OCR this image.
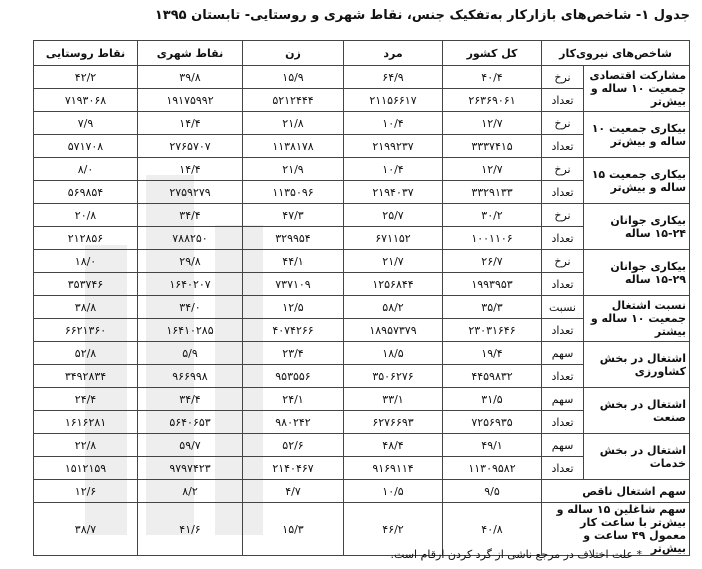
جدول ۱- شاخص‌های بازارکار به‌تفکیک جنس، نقاط شهری و روستایی- تابستان ۱۳۹۵
شاخص‌های نیروی‌کار		کل کشور	مرد	زن	نقاط شهری	نقاط روستایی
مشارکت اقتصادی جمعیت ۱۰ ساله و بیش‌تر	نرخ	۴۰/۴	۶۴/۹	۱۵/۹	۳۹/۸	۴۲/۲
	تعداد	۲۶۳۶۹۰۶۱	۲۱۱۵۶۶۱۷	۵۲۱۲۴۴۴	۱۹۱۷۵۹۹۲	۷۱۹۳۰۶۸
بیکاری جمعیت ۱۰ ساله و بیش‌تر	نرخ	۱۲/۷	۱۰/۴	۲۱/۸	۱۴/۴	۷/۹
	تعداد	۳۳۳۷۴۱۵	۲۱۹۹۲۳۷	۱۱۳۸۱۷۸	۲۷۶۵۷۰۷	۵۷۱۷۰۸
بیکاری جمعیت ۱۵ ساله و بیش‌تر	نرخ	۱۲/۷	۱۰/۴	۲۱/۹	۱۴/۴	۸/۰
	تعداد	۳۳۲۹۱۳۳	۲۱۹۴۰۳۷	۱۱۳۵۰۹۶	۲۷۵۹۲۷۹	۵۶۹۸۵۴
بیکاری جوانان ۲۴-۱۵ ساله	نرخ	۳۰/۲	۲۵/۷	۴۷/۳	۳۴/۴	۲۰/۸
	تعداد	۱۰۰۱۱۰۶	۶۷۱۱۵۲	۳۲۹۹۵۴	۷۸۸۲۵۰	۲۱۲۸۵۶
بیکاری جوانان ۲۹-۱۵ ساله	نرخ	۲۶/۷	۲۱/۷	۴۴/۱	۲۹/۸	۱۸/۰
	تعداد	۱۹۹۳۹۵۳	۱۲۵۶۸۴۴	۷۳۷۱۰۹	۱۶۴۰۲۰۷	۳۵۳۷۴۶
نسبت اشتغال جمعیت ۱۰ ساله و بیشتر	نسبت	۳۵/۳	۵۸/۲	۱۲/۵	۳۴/۰	۳۸/۸
	تعداد	۲۳۰۳۱۶۴۶	۱۸۹۵۷۳۷۹	۴۰۷۴۲۶۶	۱۶۴۱۰۲۸۵	۶۶۲۱۳۶۰
اشتغال در بخش کشاورزی	سهم	۱۹/۴	۱۸/۵	۲۳/۴	۵/۹	۵۲/۸
	تعداد	۴۴۵۹۸۳۲	۳۵۰۶۲۷۶	۹۵۳۵۵۶	۹۶۶۹۹۸	۳۴۹۲۸۳۴
اشتغال در بخش صنعت	سهم	۳۱/۵	۳۳/۱	۲۴/۱	۳۴/۴	۲۴/۴
	تعداد	۷۲۵۶۹۳۵	۶۲۷۶۶۹۳	۹۸۰۲۴۲	۵۶۴۰۶۵۳	۱۶۱۶۲۸۱
اشتغال در بخش خدمات	سهم	۴۹/۱	۴۸/۴	۵۲/۶	۵۹/۷	۲۲/۸
	تعداد	۱۱۳۰۹۵۸۲	۹۱۶۹۱۱۴	۲۱۴۰۴۶۷	۹۷۹۷۴۲۳	۱۵۱۲۱۵۹
سهم اشتغال ناقص		۹/۵	۱۰/۵	۴/۷	۸/۲	۱۲/۶
سهم شاغلین ۱۵ ساله و بیش‌تر با ساعت کار معمول ۴۹ ساعت و بیش‌تر		۴۰/۸	۴۶/۲	۱۵/۳	۴۱/۶	۳۸/۷
* علت اختلاف در مرجع ناشی از گرد کردن ارقام است.
